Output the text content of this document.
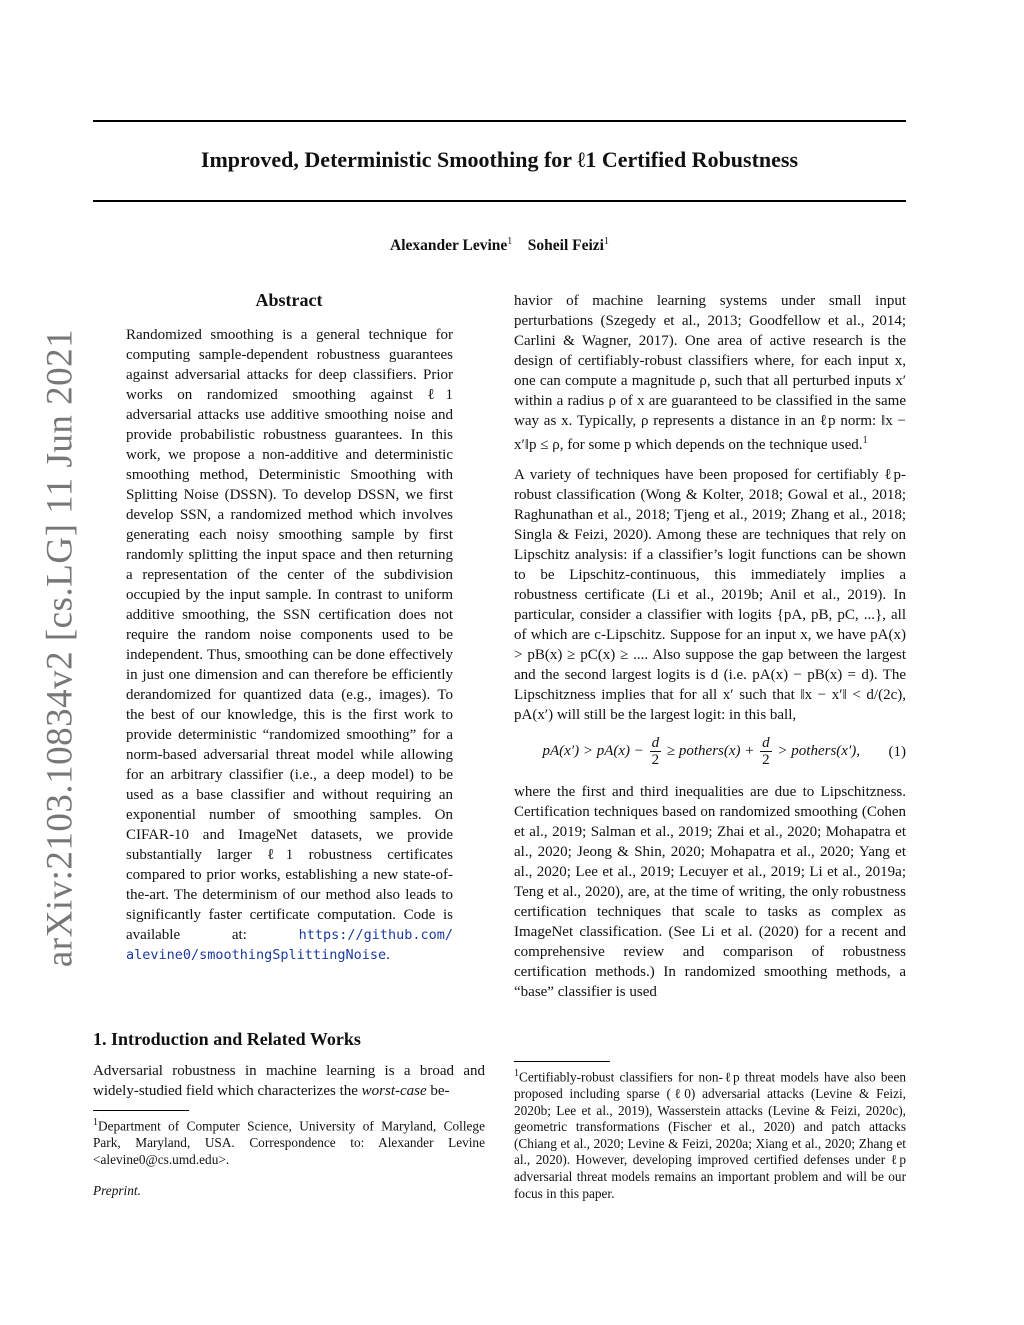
arXiv:2103.10834v2 [cs.LG] 11 Jun 2021
Improved, Deterministic Smoothing for ℓ1 Certified Robustness
Alexander Levine$^1$ Soheil Feizi$^1$
Abstract
Randomized smoothing is a general technique for computing sample-dependent robustness guarantees against adversarial attacks for deep classifiers. Prior works on randomized smoothing against ℓ1 adversarial attacks use additive smoothing noise and provide probabilistic robustness guarantees. In this work, we propose a non-additive and deterministic smoothing method, Deterministic Smoothing with Splitting Noise (DSSN). To develop DSSN, we first develop SSN, a randomized method which involves generating each noisy smoothing sample by first randomly splitting the input space and then returning a representation of the center of the subdivision occupied by the input sample. In contrast to uniform additive smoothing, the SSN certification does not require the random noise components used to be independent. Thus, smoothing can be done effectively in just one dimension and can therefore be efficiently derandomized for quantized data (e.g., images). To the best of our knowledge, this is the first work to provide deterministic “randomized smoothing” for a norm-based adversarial threat model while allowing for an arbitrary classifier (i.e., a deep model) to be used as a base classifier and without requiring an exponential number of smoothing samples. On CIFAR-10 and ImageNet datasets, we provide substantially larger ℓ1 robustness certificates compared to prior works, establishing a new state-of-the-art. The determinism of our method also leads to significantly faster certificate computation. Code is available at:	https://github.com/ alevine0/smoothingSplittingNoise.
1. Introduction and Related Works
Adversarial robustness in machine learning is a broad and widely-studied field which characterizes the worst-case be-
$^1$Department of Computer Science, University of Maryland, College Park, Maryland, USA. Correspondence to: Alexander Levine <alevine0@cs.umd.edu>.
Preprint.

havior of machine learning systems under small input perturbations (Szegedy et al., 2013; Goodfellow et al., 2014; Carlini & Wagner, 2017). One area of active research is the design of certifiably-robust classifiers where, for each input x, one can compute a magnitude ρ, such that all perturbed inputs x′ within a radius ρ of x are guaranteed to be classified in the same way as x. Typically, ρ represents a distance in an ℓp norm: ‖x − x′‖p ≤ ρ, for some p which depends on the technique used.$^1$

A variety of techniques have been proposed for certifiably ℓp-robust classification (Wong & Kolter, 2018; Gowal et al., 2018; Raghunathan et al., 2018; Tjeng et al., 2019; Zhang et al., 2018; Singla & Feizi, 2020). Among these are techniques that rely on Lipschitz analysis: if a classifier’s logit functions can be shown to be Lipschitz-continuous, this immediately implies a robustness certificate (Li et al., 2019b; Anil et al., 2019). In particular, consider a classifier with logits {pA, pB, pC, ...}, all of which are c-Lipschitz. Suppose for an input x, we have pA(x) > pB(x) ≥ pC(x) ≥ .... Also suppose the gap between the largest and the second largest logits is d (i.e. pA(x) − pB(x) = d). The Lipschitzness implies that for all x′ such that ‖x − x′‖ < d/(2c), pA(x′) will still be the largest logit: in this ball,

$pA(x') > pA(x) - \frac{d}{2}$ ≥ pothers(x) + $\frac{d}{2}$ > pothers(x′),	(1)

where the first and third inequalities are due to Lipschitzness. Certification techniques based on randomized smoothing (Cohen et al., 2019; Salman et al., 2019; Zhai et al., 2020; Mohapatra et al., 2020; Jeong & Shin, 2020; Mohapatra et al., 2020; Yang et al., 2020; Lee et al., 2019; Lecuyer et al., 2019; Li et al., 2019a; Teng et al., 2020), are, at the time of writing, the only robustness certification techniques that scale to tasks as complex as ImageNet classification. (See Li et al. (2020) for a recent and comprehensive review and comparison of robustness certification methods.) In randomized smoothing methods, a “base” classifier is used

$^1$Certifiably-robust classifiers for non-ℓp threat models have also been proposed including sparse (ℓ0) adversarial attacks (Levine & Feizi, 2020b; Lee et al., 2019), Wasserstein attacks (Levine & Feizi, 2020c), geometric transformations (Fischer et al., 2020) and patch attacks (Chiang et al., 2020; Levine & Feizi, 2020a; Xiang et al., 2020; Zhang et al., 2020). However, developing improved certified defenses under ℓp adversarial threat models remains an important problem and will be our focus in this paper.
